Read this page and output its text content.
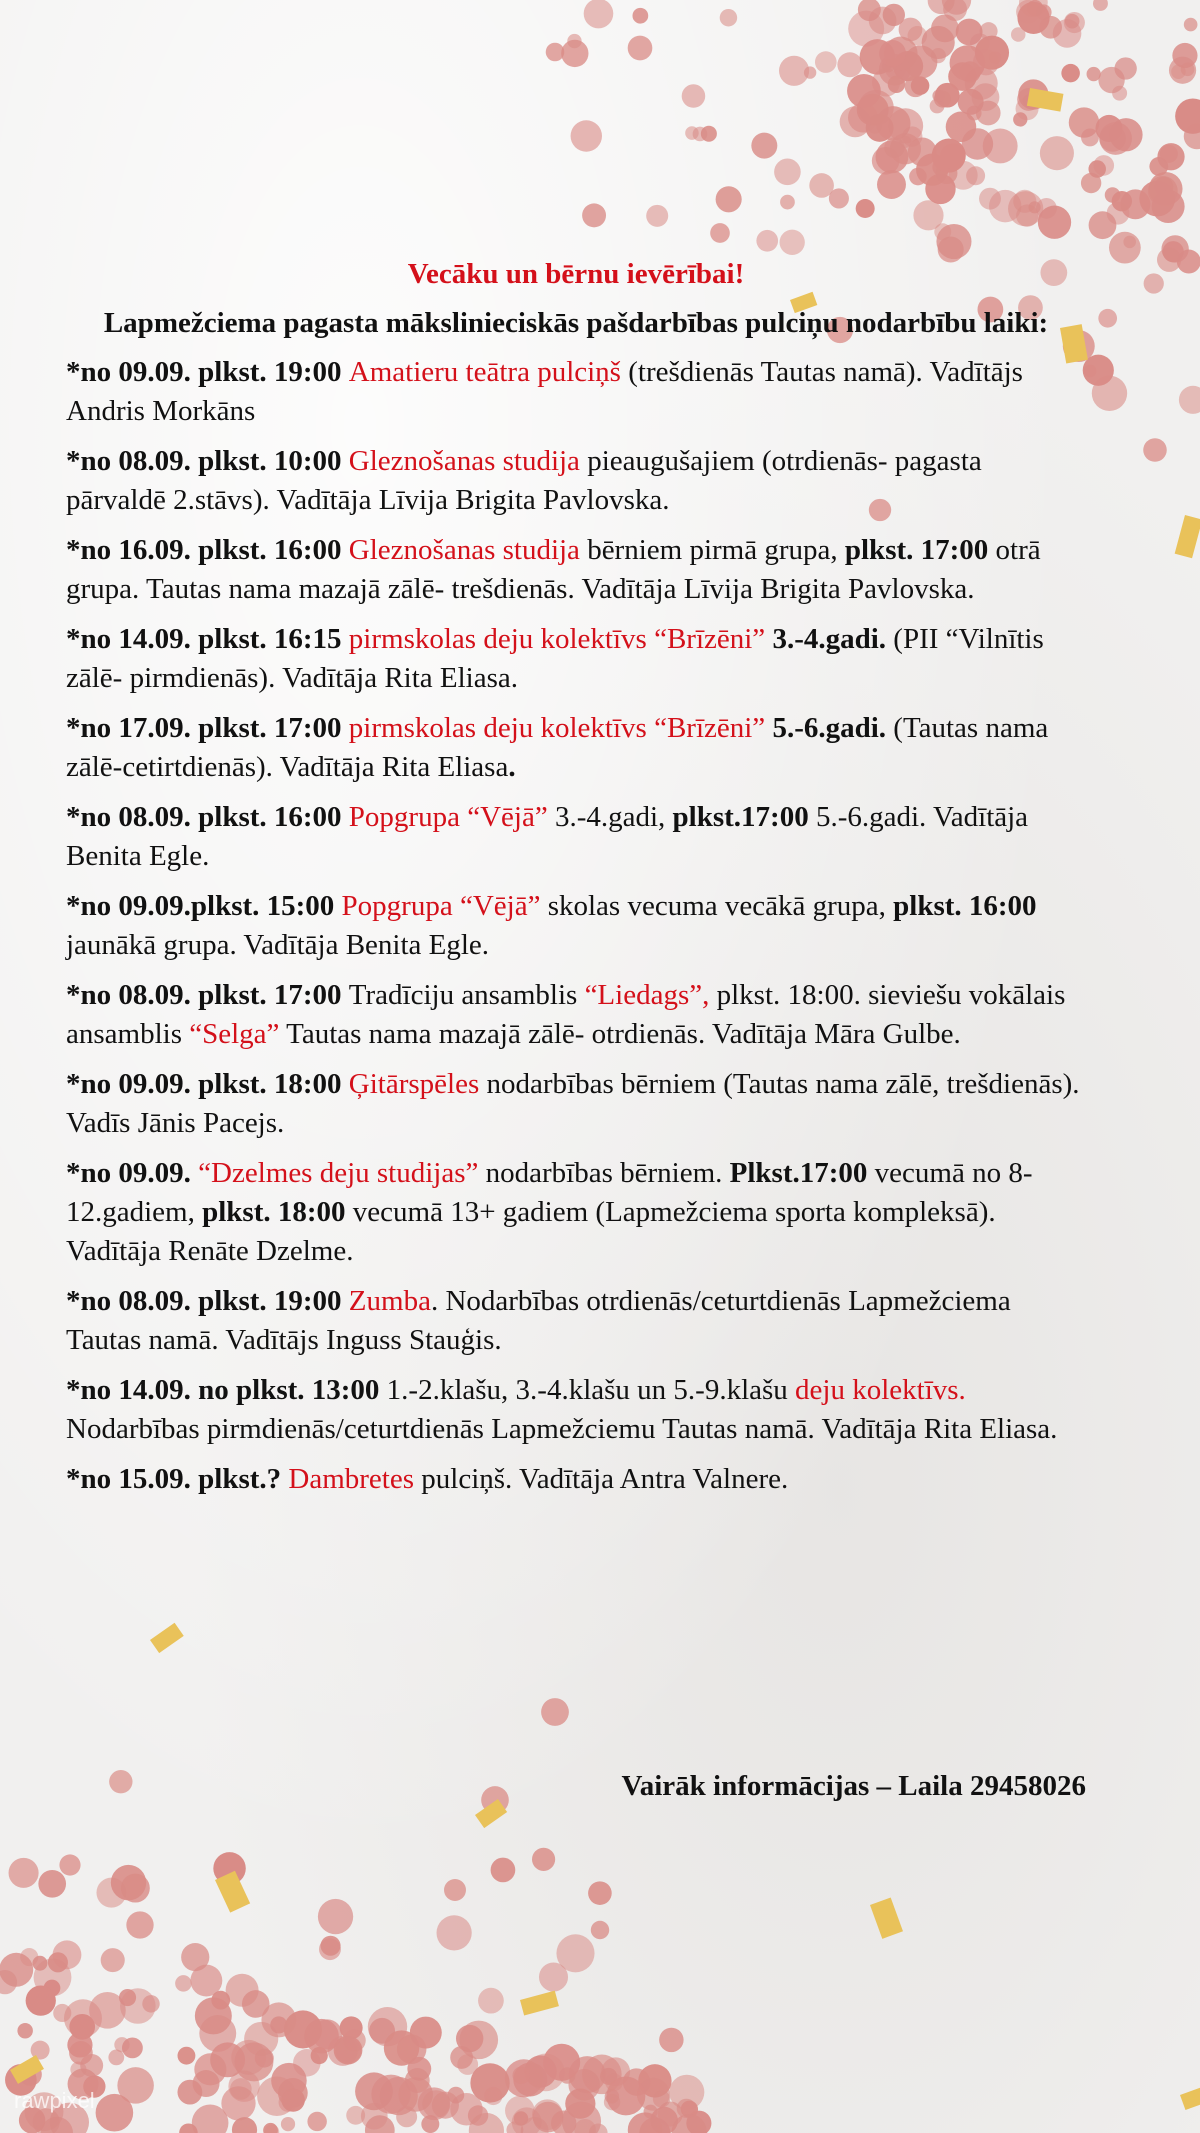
Vecāku un bērnu ievērībai!
Lapmežciema pagasta mākslinieciskās pašdarbības pulciņu nodarbību laiki:
*no 09.09. plkst. 19:00 Amatieru teātra pulciņš (trešdienās Tautas namā). Vadītājs Andris Morkāns
*no 08.09. plkst. 10:00 Gleznošanas studija pieaugušajiem (otrdienās- pagasta pārvaldē 2.stāvs). Vadītāja Līvija Brigita Pavlovska.
*no 16.09. plkst. 16:00 Gleznošanas studija bērniem pirmā grupa, plkst. 17:00 otrā grupa. Tautas nama mazajā zālē- trešdienās. Vadītāja Līvija Brigita Pavlovska.
*no 14.09. plkst. 16:15 pirmskolas deju kolektīvs “Brīzēni” 3.-4.gadi. (PII “Vilnītis zālē- pirmdienās). Vadītāja Rita Eliasa.
*no 17.09. plkst. 17:00 pirmskolas deju kolektīvs “Brīzēni” 5.-6.gadi. (Tautas nama zālē-cetirtdienās). Vadītāja Rita Eliasa.
*no 08.09. plkst. 16:00 Popgrupa “Vējā” 3.-4.gadi, plkst.17:00 5.-6.gadi. Vadītāja Benita Egle.
*no 09.09.plkst. 15:00 Popgrupa “Vējā” skolas vecuma vecākā grupa, plkst. 16:00 jaunākā grupa. Vadītāja Benita Egle.
*no 08.09. plkst. 17:00 Tradīciju ansamblis “Liedags”, plkst. 18:00. sieviešu vokālais ansamblis “Selga” Tautas nama mazajā zālē- otrdienās. Vadītāja Māra Gulbe.
*no 09.09. plkst. 18:00 Ģitārspēles nodarbības bērniem (Tautas nama zālē, trešdienās). Vadīs Jānis Pacejs.
*no 09.09. “Dzelmes deju studijas” nodarbības bērniem. Plkst.17:00 vecumā no 8-12.gadiem, plkst. 18:00 vecumā 13+ gadiem (Lapmežciema sporta kompleksā). Vadītāja Renāte Dzelme.
*no 08.09. plkst. 19:00 Zumba. Nodarbības otrdienās/ceturtdienās Lapmežciema Tautas namā. Vadītājs Inguss Stauģis.
*no 14.09. no plkst. 13:00 1.-2.klašu, 3.-4.klašu un 5.-9.klašu deju kolektīvs. Nodarbības pirmdienās/ceturtdienās Lapmežciemu Tautas namā. Vadītāja Rita Eliasa.
*no 15.09. plkst.? Dambretes pulciņš. Vadītāja Antra Valnere.
Vairāk informācijas – Laila 29458026
rawpixel
